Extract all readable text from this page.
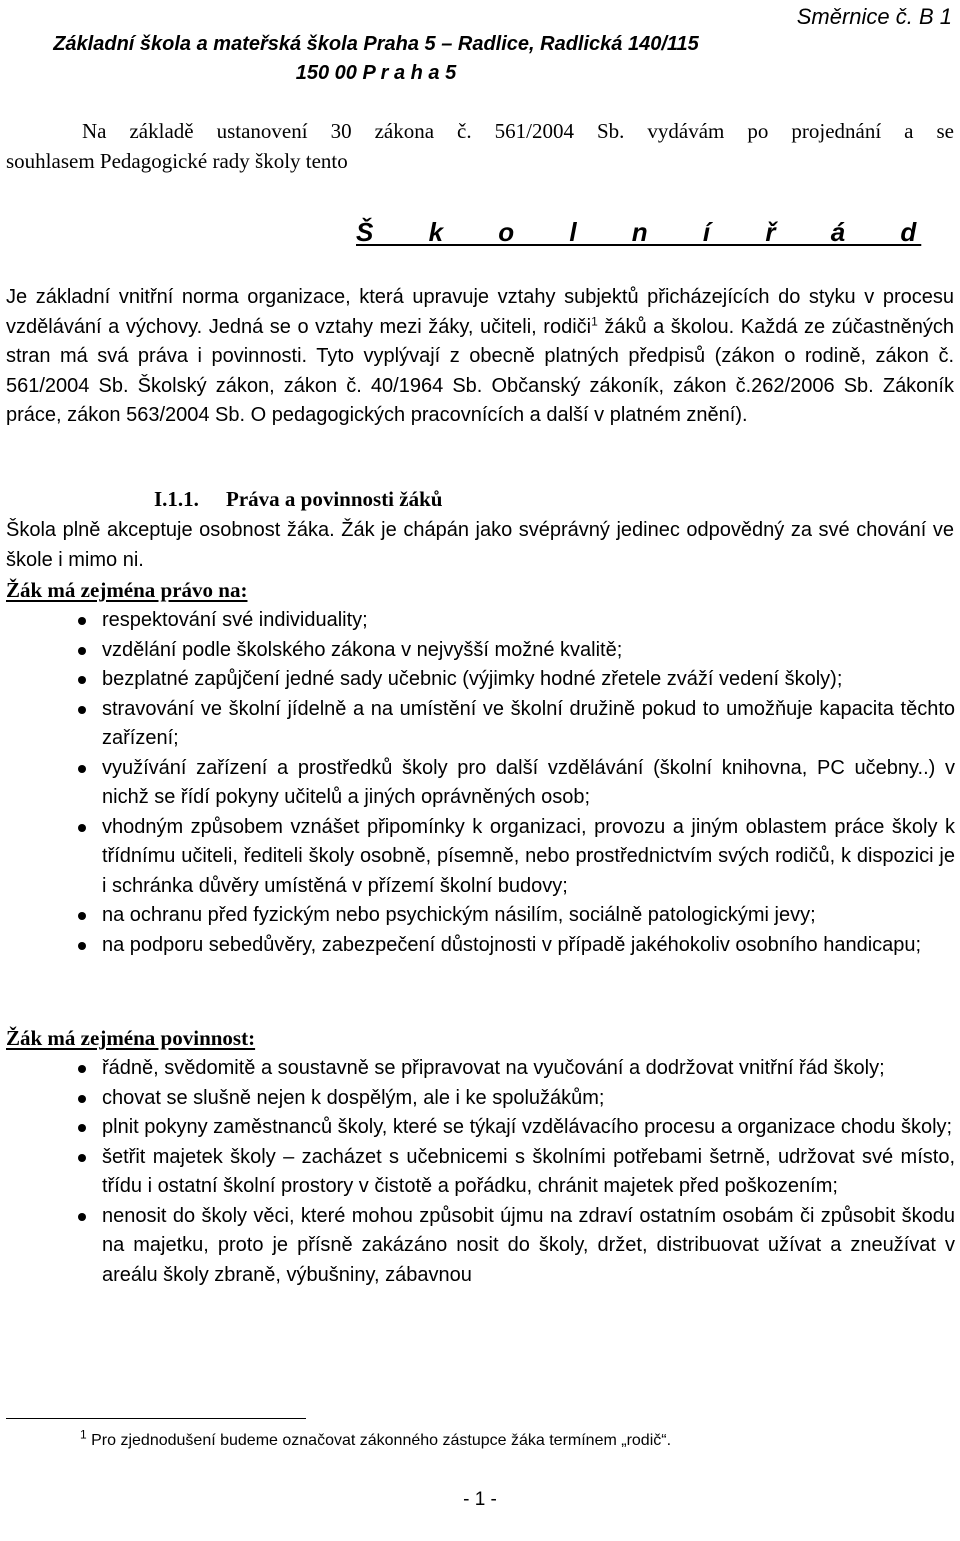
Základní škola a mateřská škola Praha 5 – Radlice, Radlická 140/115
150 00 P r a h a 5
Směrnice č. B 1
Na základě ustanovení 30 zákona č. 561/2004 Sb. vydávám po projednání a se
souhlasem Pedagogické rady školy tento
Š k o l n í ř á d
Je základní vnitřní norma organizace, která upravuje vztahy subjektů přicházejících do styku v procesu vzdělávání a výchovy. Jedná se o vztahy mezi žáky, učiteli, rodiči$^1$ žáků a školou. Každá ze zúčastněných stran má svá práva i povinnosti. Tyto vyplývají z obecně platných předpisů (zákon o rodině, zákon č. 561/2004 Sb. Školský zákon, zákon č. 40/1964 Sb. Občanský zákoník, zákon č.262/2006 Sb. Zákoník práce, zákon 563/2004 Sb. O pedagogických pracovnících a další v platném znění).
I.1.1. Práva a povinnosti žáků
Škola plně akceptuje osobnost žáka. Žák je chápán jako svéprávný jedinec odpovědný za své chování ve škole i mimo ni.
Žák má zejména právo na:
respektování své individuality;
vzdělání podle školského zákona v nejvyšší možné kvalitě;
bezplatné zapůjčení jedné sady učebnic (výjimky hodné zřetele zváží vedení školy);
stravování ve školní jídelně a na umístění ve školní družině pokud to umožňuje kapacita těchto zařízení;
využívání zařízení a prostředků školy pro další vzdělávání (školní knihovna, PC učebny..) v nichž se řídí pokyny učitelů a jiných oprávněných osob;
vhodným způsobem vznášet připomínky k organizaci, provozu a jiným oblastem práce školy k třídnímu učiteli, řediteli školy osobně, písemně, nebo prostřednictvím svých rodičů, k dispozici je i schránka důvěry umístěná v přízemí školní budovy;
na ochranu před fyzickým nebo psychickým násilím, sociálně patologickými jevy;
na podporu sebedůvěry, zabezpečení důstojnosti v případě jakéhokoliv osobního handicapu;
Žák má zejména povinnost:
řádně, svědomitě a soustavně se připravovat na vyučování a dodržovat vnitřní řád školy;
chovat se slušně nejen k dospělým, ale i ke spolužákům;
plnit pokyny zaměstnanců školy, které se týkají vzdělávacího procesu a organizace chodu školy;
šetřit majetek školy – zacházet s učebnicemi s školními potřebami šetrně, udržovat své místo, třídu i ostatní školní prostory v čistotě a pořádku, chránit majetek před poškozením;
nenosit do školy věci, které mohou způsobit újmu na zdraví ostatním osobám či způsobit škodu na majetku, proto je přísně zakázáno nosit do školy, držet, distribuovat užívat a zneužívat v areálu školy zbraně, výbušniny, zábavnou
$^1$ Pro zjednodušení budeme označovat zákonného zástupce žáka termínem „rodič“.
- 1 -
